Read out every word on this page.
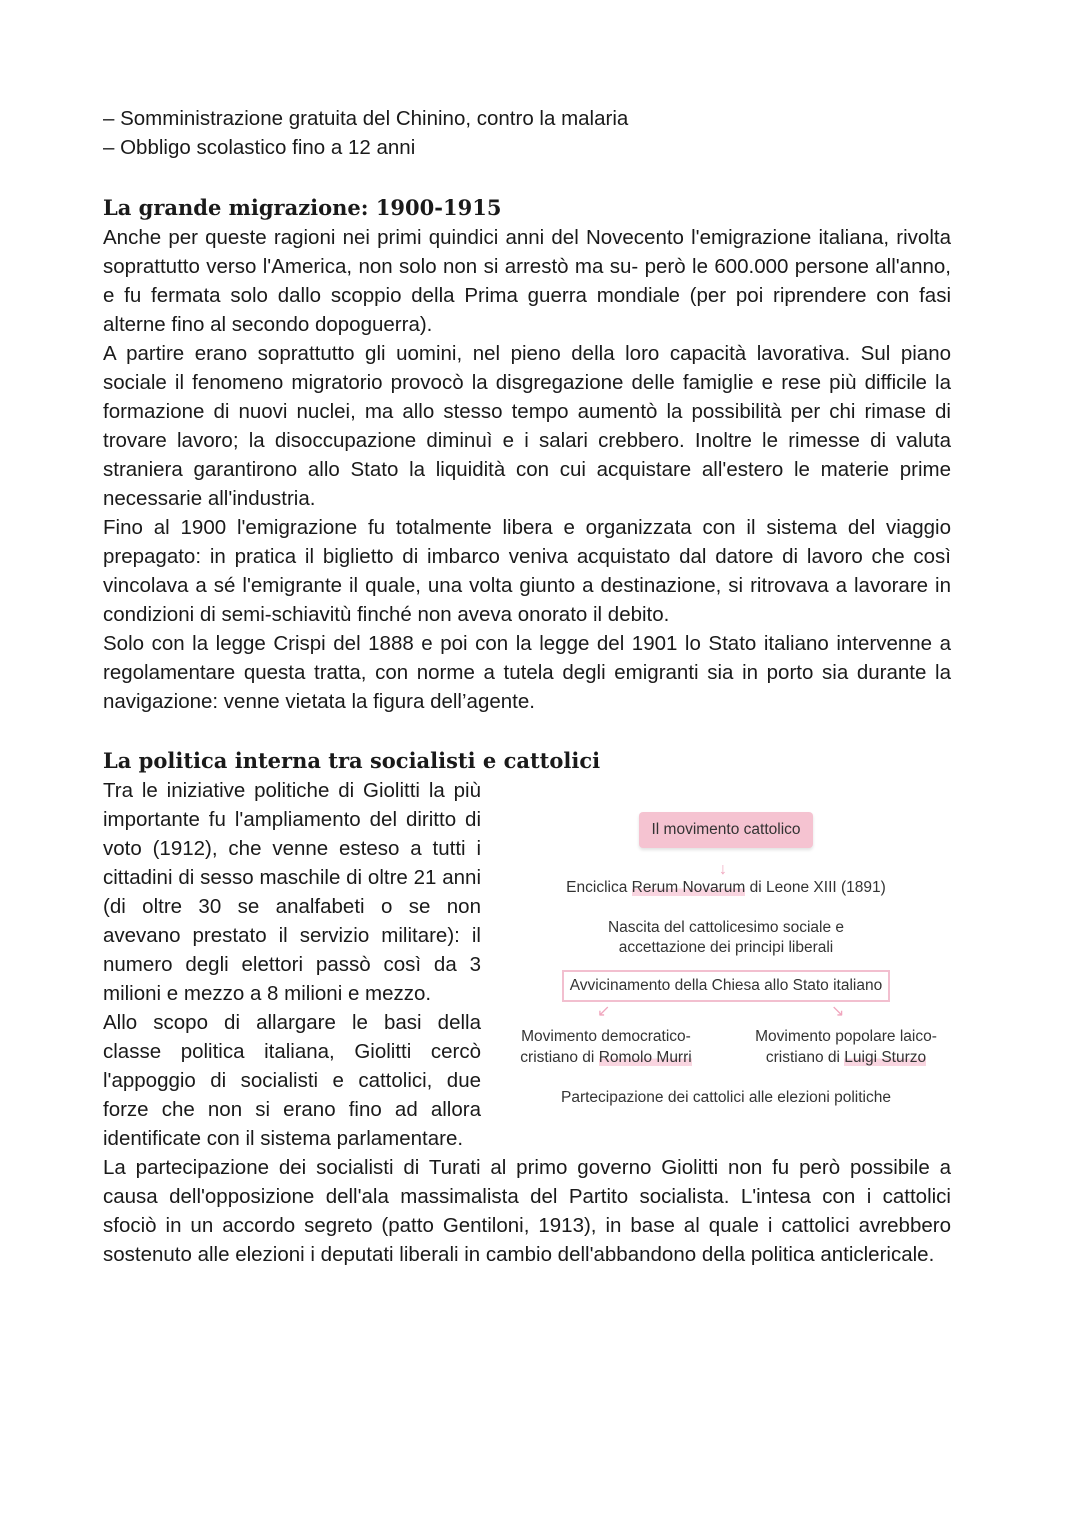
– Somministrazione gratuita del Chinino, contro la malaria

– Obbligo scolastico fino a 12 anni

La grande migrazione: 1900-1915

Anche per queste ragioni nei primi quindici anni del Novecento l'emigrazione italiana, rivolta soprattutto verso l'America, non solo non si arrestò ma su- però le 600.000 persone all'anno, e fu fermata solo dallo scoppio della Prima guerra mondiale (per poi riprendere con fasi alterne fino al secondo dopoguerra).

A partire erano soprattutto gli uomini, nel pieno della loro capacità lavorativa. Sul piano sociale il fenomeno migratorio provocò la disgregazione delle famiglie e rese più difficile la formazione di nuovi nuclei, ma allo stesso tempo aumentò la possibilità per chi rimase di trovare lavoro; la disoccupazione diminuì e i salari crebbero. Inoltre le rimesse di valuta straniera garantirono allo Stato la liquidità con cui acquistare all'estero le materie prime necessarie all'industria.

Fino al 1900 l'emigrazione fu totalmente libera e organizzata con il sistema del viaggio prepagato: in pratica il biglietto di imbarco veniva acquistato dal datore di lavoro che così vincolava a sé l'emigrante il quale, una volta giunto a destinazione, si ritrovava a lavorare in condizioni di semi-schiavitù finché non aveva onorato il debito.

Solo con la legge Crispi del 1888 e poi con la legge del 1901 lo Stato italiano intervenne a regolamentare questa tratta, con norme a tutela degli emigranti sia in porto sia durante la navigazione: venne vietata la figura dell’agente.

La politica interna tra socialisti e cattolici
Il movimento cattolico
↓
Enciclica Rerum Novarum di Leone XIII (1891)
Nascita del cattolicesimo sociale e
accettazione dei principi liberali
Avvicinamento della Chiesa allo Stato italiano
↙	↘
Movimento democratico-
cristiano di Romolo Murri
Movimento popolare laico-
cristiano di Luigi Sturzo
Partecipazione dei cattolici alle elezioni politiche

Tra le iniziative politiche di Giolitti la più importante fu l'ampliamento del diritto di voto (1912), che venne esteso a tutti i cittadini di sesso maschile di oltre 21 anni (di oltre 30 se analfabeti o se non avevano prestato il servizio militare): il numero degli elettori passò così da 3 milioni e mezzo a 8 milioni e mezzo.

Allo scopo di allargare le basi della classe politica italiana, Giolitti cercò l'appoggio di socialisti e cattolici, due forze che non si erano fino ad allora identificate con il sistema parlamentare.

La partecipazione dei socialisti di Turati al primo governo Giolitti non fu però possibile a causa dell'opposizione dell'ala massimalista del Partito socialista. L'intesa con i cattolici sfociò in un accordo segreto (patto Gentiloni, 1913), in base al quale i cattolici avrebbero sostenuto alle elezioni i deputati liberali in cambio dell'abbandono della politica anticlericale.
